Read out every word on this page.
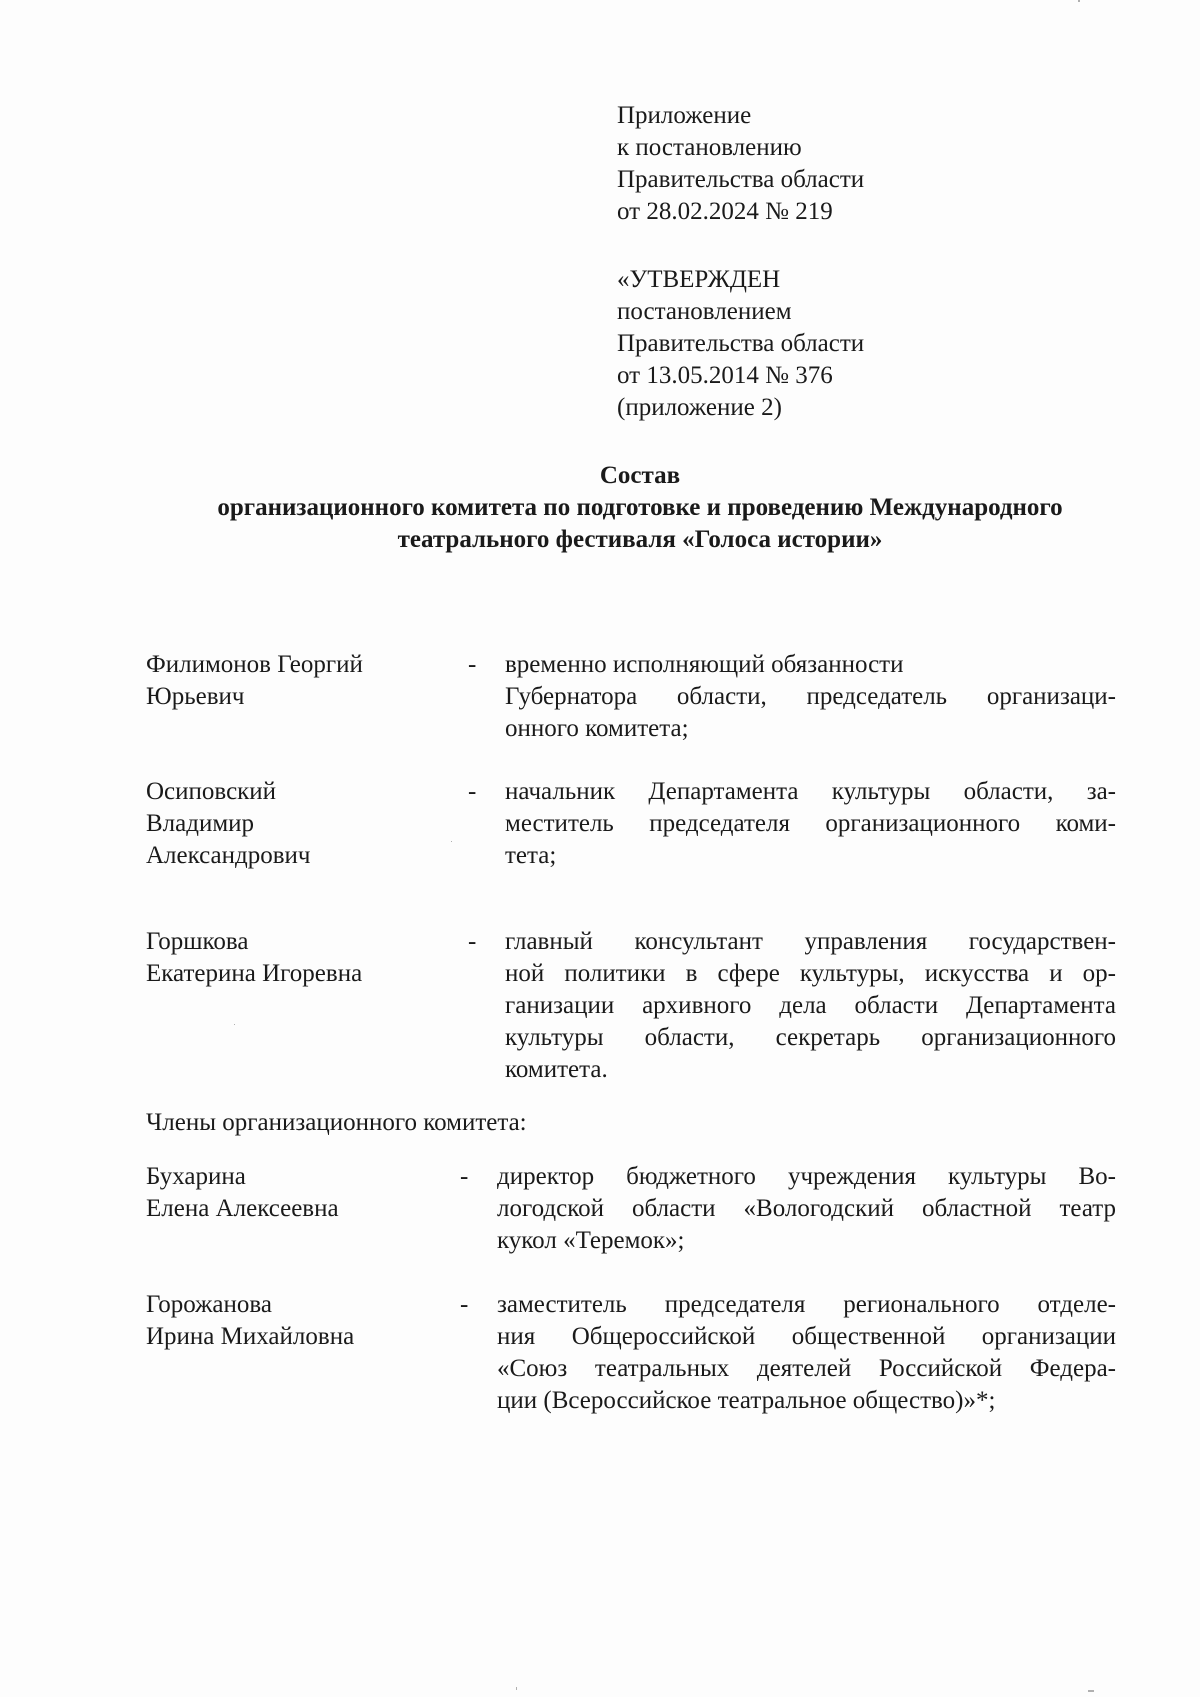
Приложение
к постановлению
Правительства области
от 28.02.2024 № 219
«УТВЕРЖДЕН
постановлением
Правительства области
от 13.05.2014 № 376
(приложение 2)
Состав
организационного комитета по подготовке и проведению Международного
театрального фестиваля «Голоса истории»
Филимонов Георгий
Юрьевич
- временно исполняющий обязанности
Губернатора области, председатель организаци-
онного комитета;
Осиповский
Владимир
Александрович
- начальник Департамента культуры области, за-
меститель председателя организационного коми-
тета;
Горшкова
Екатерина Игоревна
- главный консультант управления государствен-
ной политики в сфере культуры, искусства и ор-
ганизации архивного дела области Департамента
культуры области, секретарь организационного
комитета.
Члены организационного комитета:
Бухарина
Елена Алексеевна
- директор бюджетного учреждения культуры Во-
логодской области «Вологодский областной театр
кукол «Теремок»;
Горожанова
Ирина Михайловна
- заместитель председателя регионального отделе-
ния Общероссийской общественной организации
«Союз театральных деятелей Российской Федера-
ции (Всероссийское театральное общество)»*;
